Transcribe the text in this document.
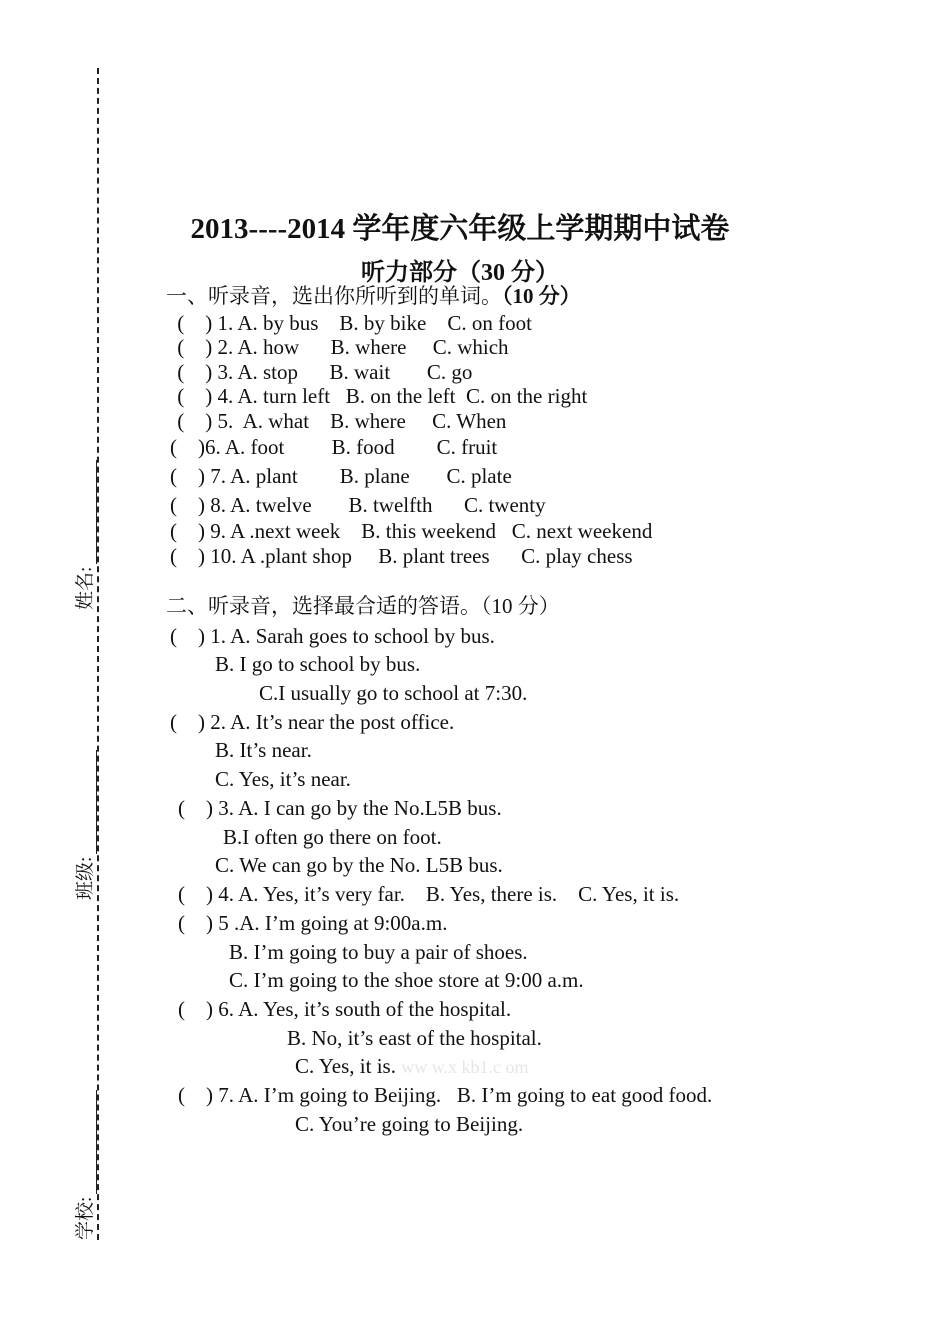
姓名:
班级:
学校:
2013----2014 学年度六年级上学期期中试卷
听力部分（30 分）
一、听录音，选出你所听到的单词。（10 分）
(    ) 1. A. by bus    B. by bike    C. on foot
(    ) 2. A. how      B. where     C. which
(    ) 3. A. stop      B. wait       C. go
(    ) 4. A. turn left   B. on the left  C. on the right
(    ) 5.  A. what    B. where     C. When
(    )6. A. foot         B. food        C. fruit
(    ) 7. A. plant        B. plane       C. plate
(    ) 8. A. twelve       B. twelfth      C. twenty
(    ) 9. A .next week    B. this weekend   C. next weekend
(    ) 10. A .plant shop     B. plant trees      C. play chess
二、听录音，选择最合适的答语。（10 分）
(    ) 1. A. Sarah goes to school by bus.
B. I go to school by bus.
C.I usually go to school at 7:30.
(    ) 2. A. It’s near the post office.
B. It’s near.
C. Yes, it’s near.
(    ) 3. A. I can go by the No.L5B bus.
B.I often go there on foot.
C. We can go by the No. L5B bus.
(    ) 4. A. Yes, it’s very far.    B. Yes, there is.    C. Yes, it is.
(    ) 5 .A. I’m going at 9:00a.m.
B. I’m going to buy a pair of shoes.
C. I’m going to the shoe store at 9:00 a.m.
(    ) 6. A. Yes, it’s south of the hospital.
B. No, it’s east of the hospital.
C. Yes, it is. ww w.x kb1.c om
(    ) 7. A. I’m going to Beijing.   B. I’m going to eat good food.
C. You’re going to Beijing.
